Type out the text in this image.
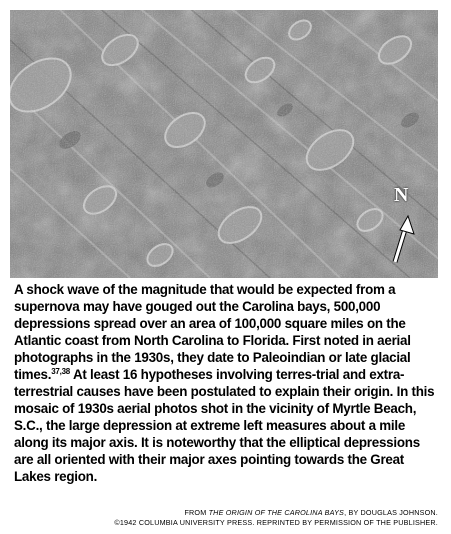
N

A shock wave of the magnitude that would be expected from a supernova may have gouged out the Carolina bays, 500,000 depressions spread over an area of 100,000 square miles on the Atlantic coast from North Carolina to Florida. First noted in aerial photographs in the 1930s, they date to Paleoindian or late glacial times.$^{37,38}$ At least 16 hypotheses involving terres-trial and extra-terrestrial causes have been postulated to explain their origin. In this mosaic of 1930s aerial photos shot in the vicinity of Myrtle Beach, S.C., the large depression at extreme left measures about a mile along its major axis. It is noteworthy that the elliptical depressions are all oriented with their major axes pointing towards the Great Lakes region.

FROM THE ORIGIN OF THE CAROLINA BAYS, BY DOUGLAS JOHNSON.
©1942 COLUMBIA UNIVERSITY PRESS. REPRINTED BY PERMISSION OF THE PUBLISHER.
